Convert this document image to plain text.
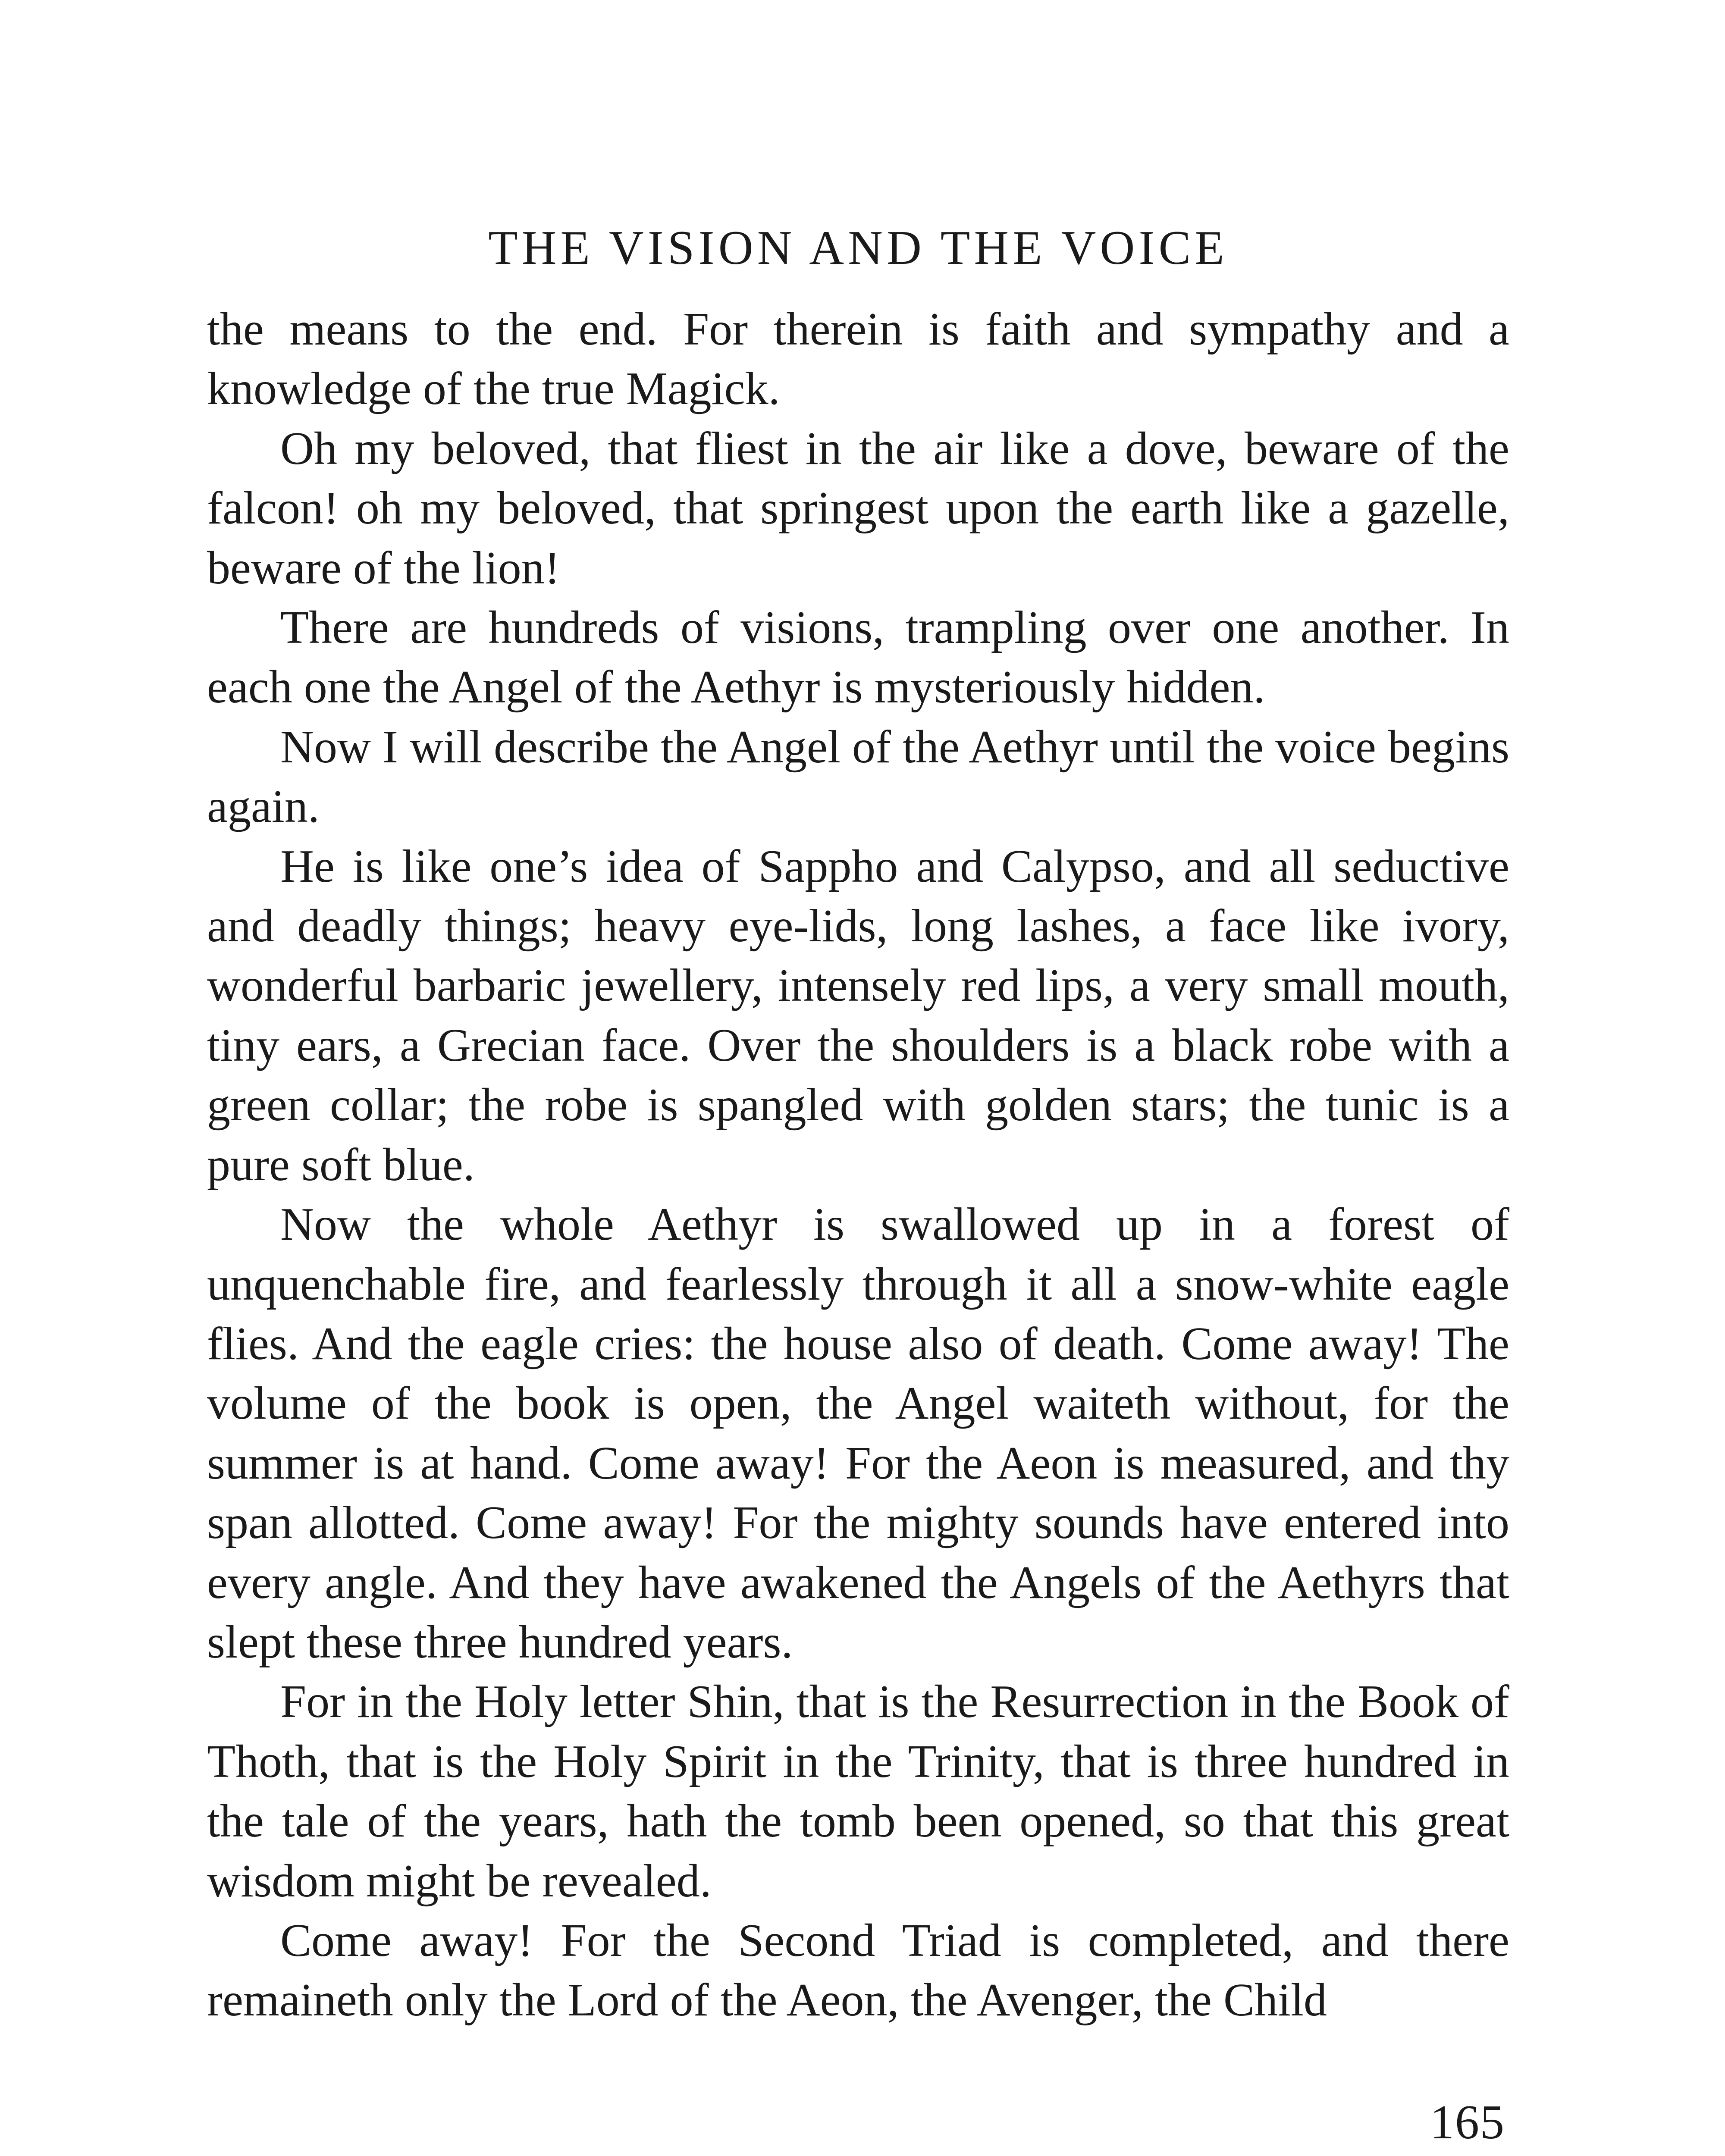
THE VISION AND THE VOICE

the means to the end. For therein is faith and sympathy and a knowledge of the true Magick.

Oh my beloved, that fliest in the air like a dove, beware of the falcon! oh my beloved, that springest upon the earth like a gazelle, beware of the lion!

There are hundreds of visions, trampling over one another. In each one the Angel of the Aethyr is mysteriously hidden.

Now I will describe the Angel of the Aethyr until the voice begins again.

He is like one’s idea of Sappho and Calypso, and all seductive and deadly things; heavy eye-lids, long lashes, a face like ivory, wonderful barbaric jewellery, intensely red lips, a very small mouth, tiny ears, a Grecian face. Over the shoulders is a black robe with a green collar; the robe is spangled with golden stars; the tunic is a pure soft blue.

Now the whole Aethyr is swallowed up in a forest of unquenchable fire, and fearlessly through it all a snow-white eagle flies. And the eagle cries: the house also of death. Come away! The volume of the book is open, the Angel waiteth without, for the summer is at hand. Come away! For the Aeon is measured, and thy span allotted. Come away! For the mighty sounds have entered into every angle. And they have awakened the Angels of the Aethyrs that slept these three hundred years.

For in the Holy letter Shin, that is the Resurrection in the Book of Thoth, that is the Holy Spirit in the Trinity, that is three hundred in the tale of the years, hath the tomb been opened, so that this great wisdom might be revealed.

Come away! For the Second Triad is completed, and there remaineth only the Lord of the Aeon, the Avenger, the Child

165
